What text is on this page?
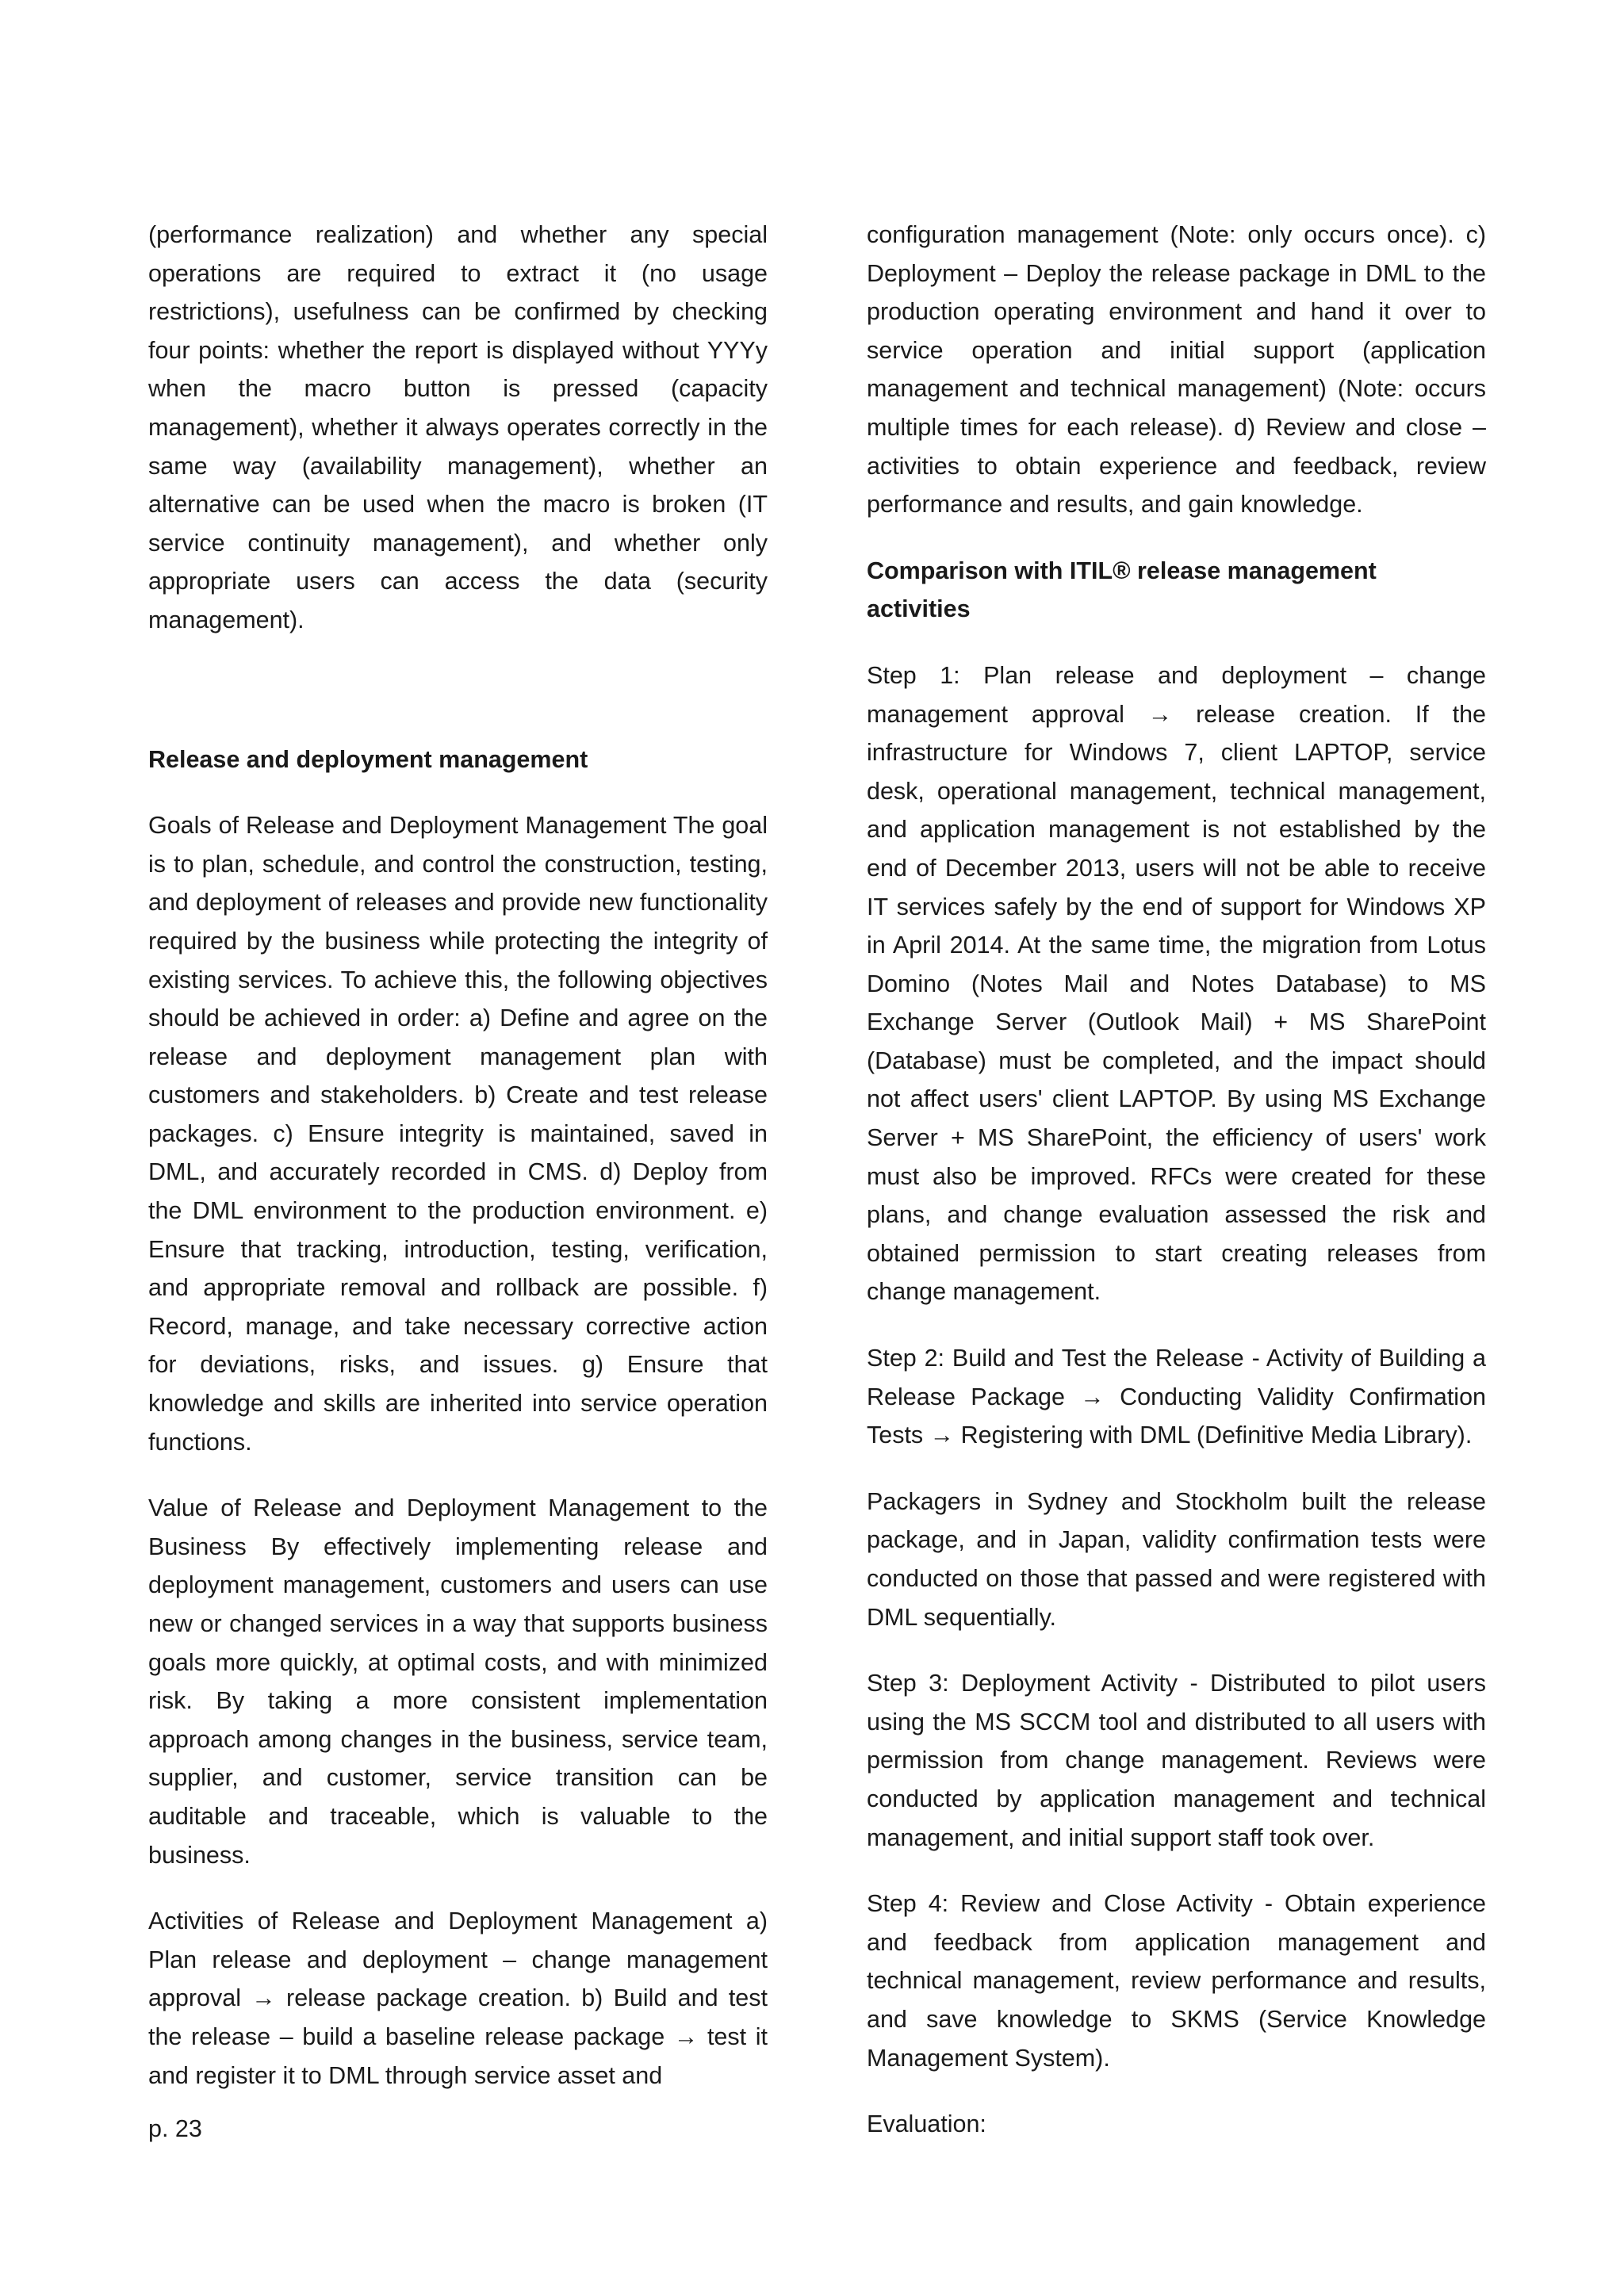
(performance realization) and whether any special operations are required to extract it (no usage restrictions), usefulness can be confirmed by checking four points: whether the report is displayed without YYYy when the macro button is pressed (capacity management), whether it always operates correctly in the same way (availability management), whether an alternative can be used when the macro is broken (IT service continuity management), and whether only appropriate users can access the data (security management).

Release and deployment management

Goals of Release and Deployment Management The goal is to plan, schedule, and control the construction, testing, and deployment of releases and provide new functionality required by the business while protecting the integrity of existing services. To achieve this, the following objectives should be achieved in order: a) Define and agree on the release and deployment management plan with customers and stakeholders. b) Create and test release packages. c) Ensure integrity is maintained, saved in DML, and accurately recorded in CMS. d) Deploy from the DML environment to the production environment. e) Ensure that tracking, introduction, testing, verification, and appropriate removal and rollback are possible. f) Record, manage, and take necessary corrective action for deviations, risks, and issues. g) Ensure that knowledge and skills are inherited into service operation functions.

Value of Release and Deployment Management to the Business By effectively implementing release and deployment management, customers and users can use new or changed services in a way that supports business goals more quickly, at optimal costs, and with minimized risk. By taking a more consistent implementation approach among changes in the business, service team, supplier, and customer, service transition can be auditable and traceable, which is valuable to the business.

Activities of Release and Deployment Management a) Plan release and deployment – change management approval → release package creation. b) Build and test the release – build a baseline release package → test it and register it to DML through service asset and

configuration management (Note: only occurs once). c) Deployment – Deploy the release package in DML to the production operating environment and hand it over to service operation and initial support (application management and technical management) (Note: occurs multiple times for each release). d) Review and close – activities to obtain experience and feedback, review performance and results, and gain knowledge.

Comparison with ITIL® release management activities

Step 1: Plan release and deployment – change management approval → release creation. If the infrastructure for Windows 7, client LAPTOP, service desk, operational management, technical management, and application management is not established by the end of December 2013, users will not be able to receive IT services safely by the end of support for Windows XP in April 2014. At the same time, the migration from Lotus Domino (Notes Mail and Notes Database) to MS Exchange Server (Outlook Mail) + MS SharePoint (Database) must be completed, and the impact should not affect users' client LAPTOP. By using MS Exchange Server + MS SharePoint, the efficiency of users' work must also be improved. RFCs were created for these plans, and change evaluation assessed the risk and obtained permission to start creating releases from change management.

Step 2: Build and Test the Release - Activity of Building a Release Package → Conducting Validity Confirmation Tests → Registering with DML (Definitive Media Library).

Packagers in Sydney and Stockholm built the release package, and in Japan, validity confirmation tests were conducted on those that passed and were registered with DML sequentially.

Step 3: Deployment Activity - Distributed to pilot users using the MS SCCM tool and distributed to all users with permission from change management. Reviews were conducted by application management and technical management, and initial support staff took over.

Step 4: Review and Close Activity - Obtain experience and feedback from application management and technical management, review performance and results, and save knowledge to SKMS (Service Knowledge Management System).

Evaluation:

p. 23
